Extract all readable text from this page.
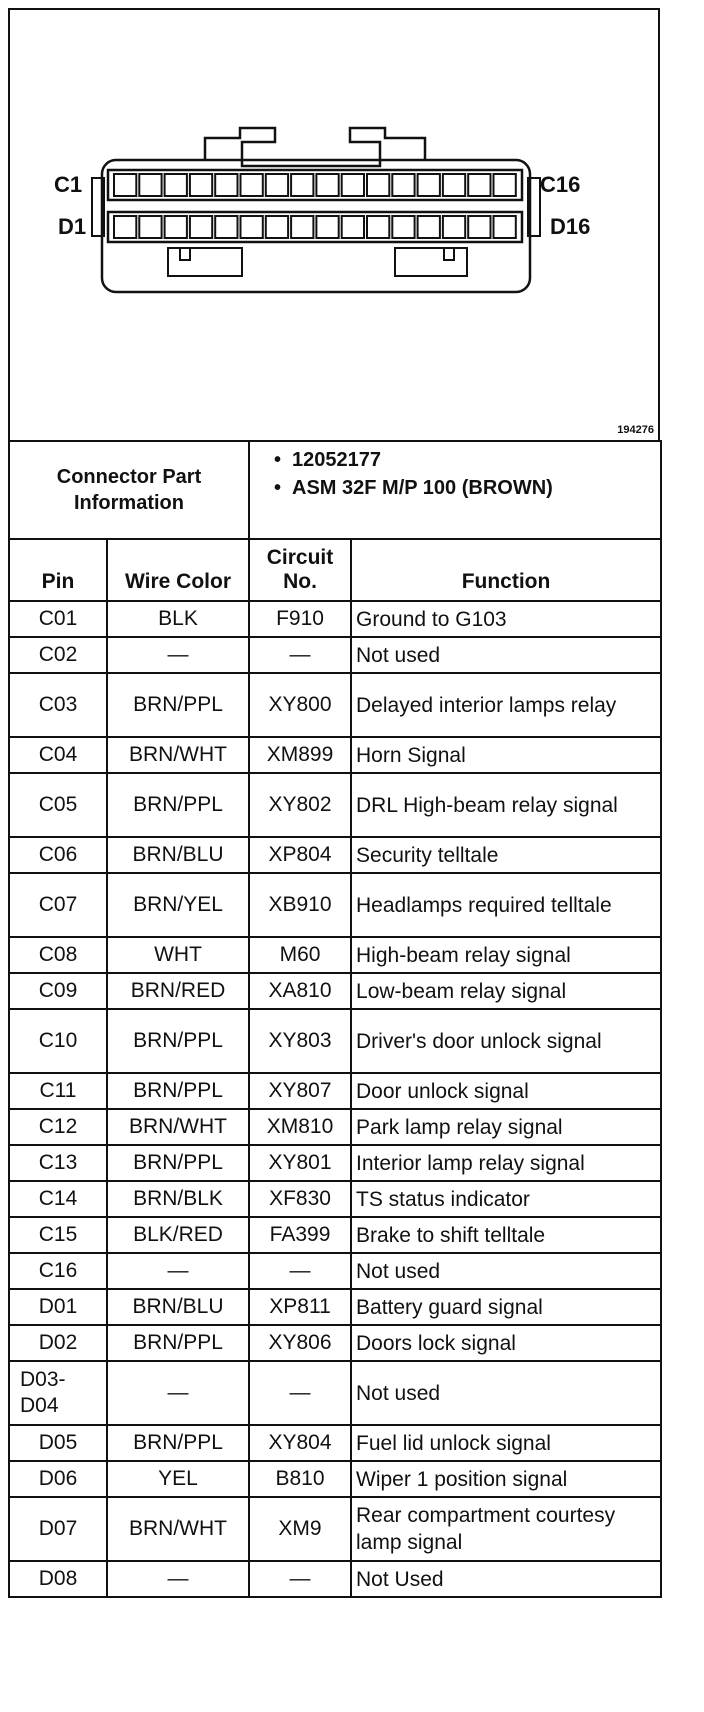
C1
D1
C16
D16
194276
Connector Part Information		• 12052177
• ASM 32F M/P 100 (BROWN)

Pin	Wire Color	Circuit No.	Function
C01	BLK	F910	Ground to G103
C02	—	—	Not used
C03	BRN/PPL	XY800	Delayed interior lamps relay
C04	BRN/WHT	XM899	Horn Signal
C05	BRN/PPL	XY802	DRL High-beam relay signal
C06	BRN/BLU	XP804	Security telltale
C07	BRN/YEL	XB910	Headlamps required telltale
C08	WHT	M60	High-beam relay signal
C09	BRN/RED	XA810	Low-beam relay signal
C10	BRN/PPL	XY803	Driver's door unlock signal
C11	BRN/PPL	XY807	Door unlock signal
C12	BRN/WHT	XM810	Park lamp relay signal
C13	BRN/PPL	XY801	Interior lamp relay signal
C14	BRN/BLK	XF830	TS status indicator
C15	BLK/RED	FA399	Brake to shift telltale
C16	—	—	Not used
D01	BRN/BLU	XP811	Battery guard signal
D02	BRN/PPL	XY806	Doors lock signal
D03-D04	—	—	Not used
D05	BRN/PPL	XY804	Fuel lid unlock signal
D06	YEL	B810	Wiper 1 position signal
D07	BRN/WHT	XM9	Rear compartment courtesy lamp signal
D08	—	—	Not Used
